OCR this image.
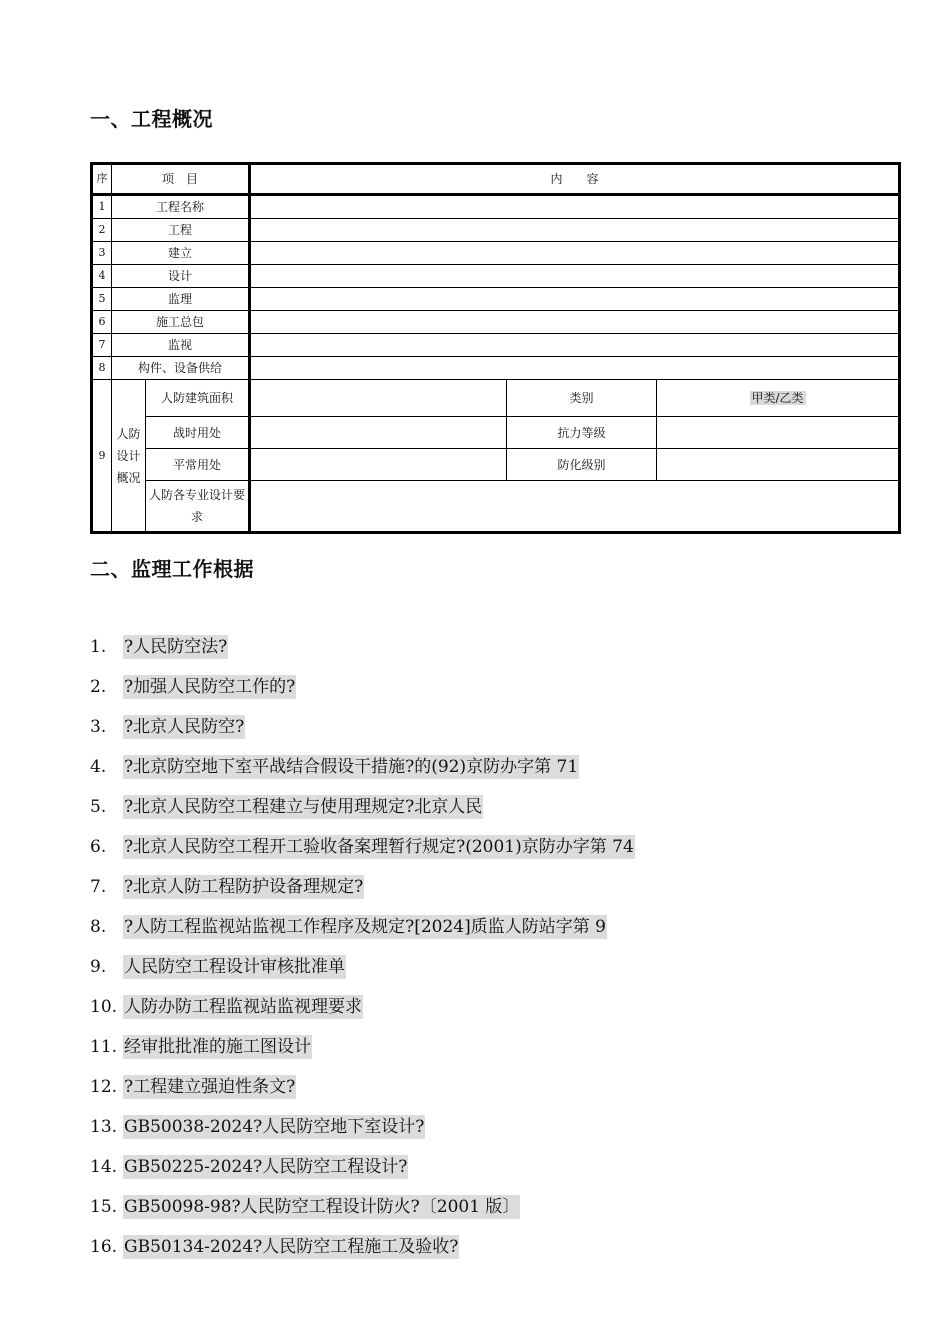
一、工程概况
序	项　目		内　　容		
1	工程名称				
2	工程				
3	建立				
4	设计				
5	监理				
6	施工总包				
7	监视				
8	构件、设备供给				
9	人防设计概况	人防建筑面积		类别	甲类/乙类
		战时用处		抗力等级	
		平常用处		防化级别	
		人防各专业设计要求			
二、监理工作根据
1. ?人民防空法?
2. ?加强人民防空工作的?
3. ?北京人民防空?
4. ?北京防空地下室平战结合假设干措施?的(92)京防办字第 71
5. ?北京人民防空工程建立与使用理规定?北京人民
6. ?北京人民防空工程开工验收备案理暂行规定?(2001)京防办字第 74
7. ?北京人防工程防护设备理规定?
8. ?人防工程监视站监视工作程序及规定?[2024]质监人防站字第 9
9. 人民防空工程设计审核批准单
10. 人防办防工程监视站监视理要求
11. 经审批批准的施工图设计
12. ?工程建立强迫性条文?
13. GB50038-2024?人民防空地下室设计?
14. GB50225-2024?人民防空工程设计?
15. GB50098-98?人民防空工程设计防火?〔2001 版〕
16. GB50134-2024?人民防空工程施工及验收?
